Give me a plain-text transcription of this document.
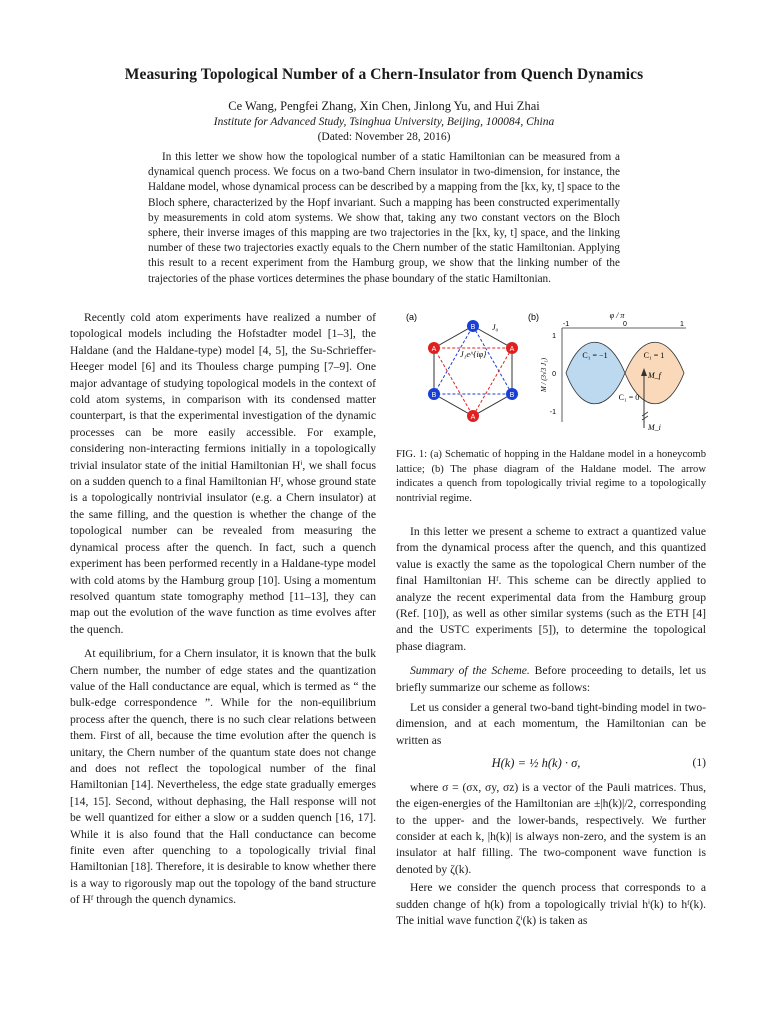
Measuring Topological Number of a Chern-Insulator from Quench Dynamics
Ce Wang, Pengfei Zhang, Xin Chen, Jinlong Yu, and Hui Zhai
Institute for Advanced Study, Tsinghua University, Beijing, 100084, China
(Dated: November 28, 2016)
In this letter we show how the topological number of a static Hamiltonian can be measured from a dynamical quench process. We focus on a two-band Chern insulator in two-dimension, for instance, the Haldane model, whose dynamical process can be described by a mapping from the [kx, ky, t] space to the Bloch sphere, characterized by the Hopf invariant. Such a mapping has been constructed experimentally by measurements in cold atom systems. We show that, taking any two constant vectors on the Bloch sphere, their inverse images of this mapping are two trajectories in the [kx, ky, t] space, and the linking number of these two trajectories exactly equals to the Chern number of the static Hamiltonian. Applying this result to a recent experiment from the Hamburg group, we show that the linking number of the trajectories of the phase vortices determines the phase boundary of the static Hamiltonian.

Recently cold atom experiments have realized a number of topological models including the Hofstadter model [1–3], the Haldane (and the Haldane-type) model [4, 5], the Su-Schrieffer-Heeger model [6] and its Thouless charge pumping [7–9]. One major advantage of studying topological models in the context of cold atom systems, in comparison with its condensed matter counterpart, is that the experimental investigation of the dynamic processes can be more easily accessible. For example, considering non-interacting fermions initially in a topologically trivial insulator state of the initial Hamiltonian Hⁱ, we shall focus on a sudden quench to a final Hamiltonian Hᶠ, whose ground state is a topologically nontrivial insulator (e.g. a Chern insulator) at the same filling, and the question is whether the change of the topological number can be revealed from measuring the dynamical process after the quench. In fact, such a quench experiment has been performed recently in a Haldane-type model with cold atoms by the Hamburg group [10]. Using a momentum resolved quantum state tomography method [11–13], they can map out the evolution of the wave function as time evolves after the quench.

At equilibrium, for a Chern insulator, it is known that the bulk Chern number, the number of edge states and the quantization value of the Hall conductance are equal, which is termed as “ the bulk-edge correspondence ”. While for the non-equilibrium process after the quench, there is no such clear relations between them. First of all, because the time evolution after the quench is unitary, the Chern number of the quantum state does not change and does not reflect the topological number of the final Hamiltonian [14]. Nevertheless, the edge state gradually emerges [14, 15]. Second, without dephasing, the Hall response will not be well quantized for either a slow or a sudden quench [16, 17]. While it is also found that the Hall conductance can become finite even after quenching to a topologically trivial final Hamiltonian [18]. Therefore, it is desirable to know whether there is a way to rigorously map out the topology of the band structure of Hᶠ through the quench dynamics.

(a)	(b)
B
B
B
A
A
A
J₀
J₁e^{iφ}
φ / π
-1	0	1
1
0
-1
M / (3√3 J₁)
C₁ = −1	C₁ = 1
C₁ = 0
M_f
M_i
FIG. 1: (a) Schematic of hopping in the Haldane model in a honeycomb lattice; (b) The phase diagram of the Haldane model. The arrow indicates a quench from topologically trivial regime to a topologically nontrivial regime.

In this letter we present a scheme to extract a quantized value from the dynamical process after the quench, and this quantized value is exactly the same as the topological Chern number of the final Hamiltonian Hᶠ. This scheme can be directly applied to analyze the recent experimental data from the Hamburg group (Ref. [10]), as well as other similar systems (such as the ETH [4] and the USTC experiments [5]), to determine the topological phase diagram.

Summary of the Scheme. Before proceeding to details, let us briefly summarize our scheme as follows:

Let us consider a general two-band tight-binding model in two-dimension, and at each momentum, the Hamiltonian can be written as

H(k) = ½ h(k) · σ,	(1)

where σ = (σx, σy, σz) is a vector of the Pauli matrices. Thus, the eigen-energies of the Hamiltonian are ±|h(k)|/2, corresponding to the upper- and the lower-bands, respectively. We further consider at each k, |h(k)| is always non-zero, and the system is an insulator at half filling. The two-component wave function is denoted by ζ(k).

Here we consider the quench process that corresponds to a sudden change of h(k) from a topologically trivial hⁱ(k) to hᶠ(k). The initial wave function ζⁱ(k) is taken as
